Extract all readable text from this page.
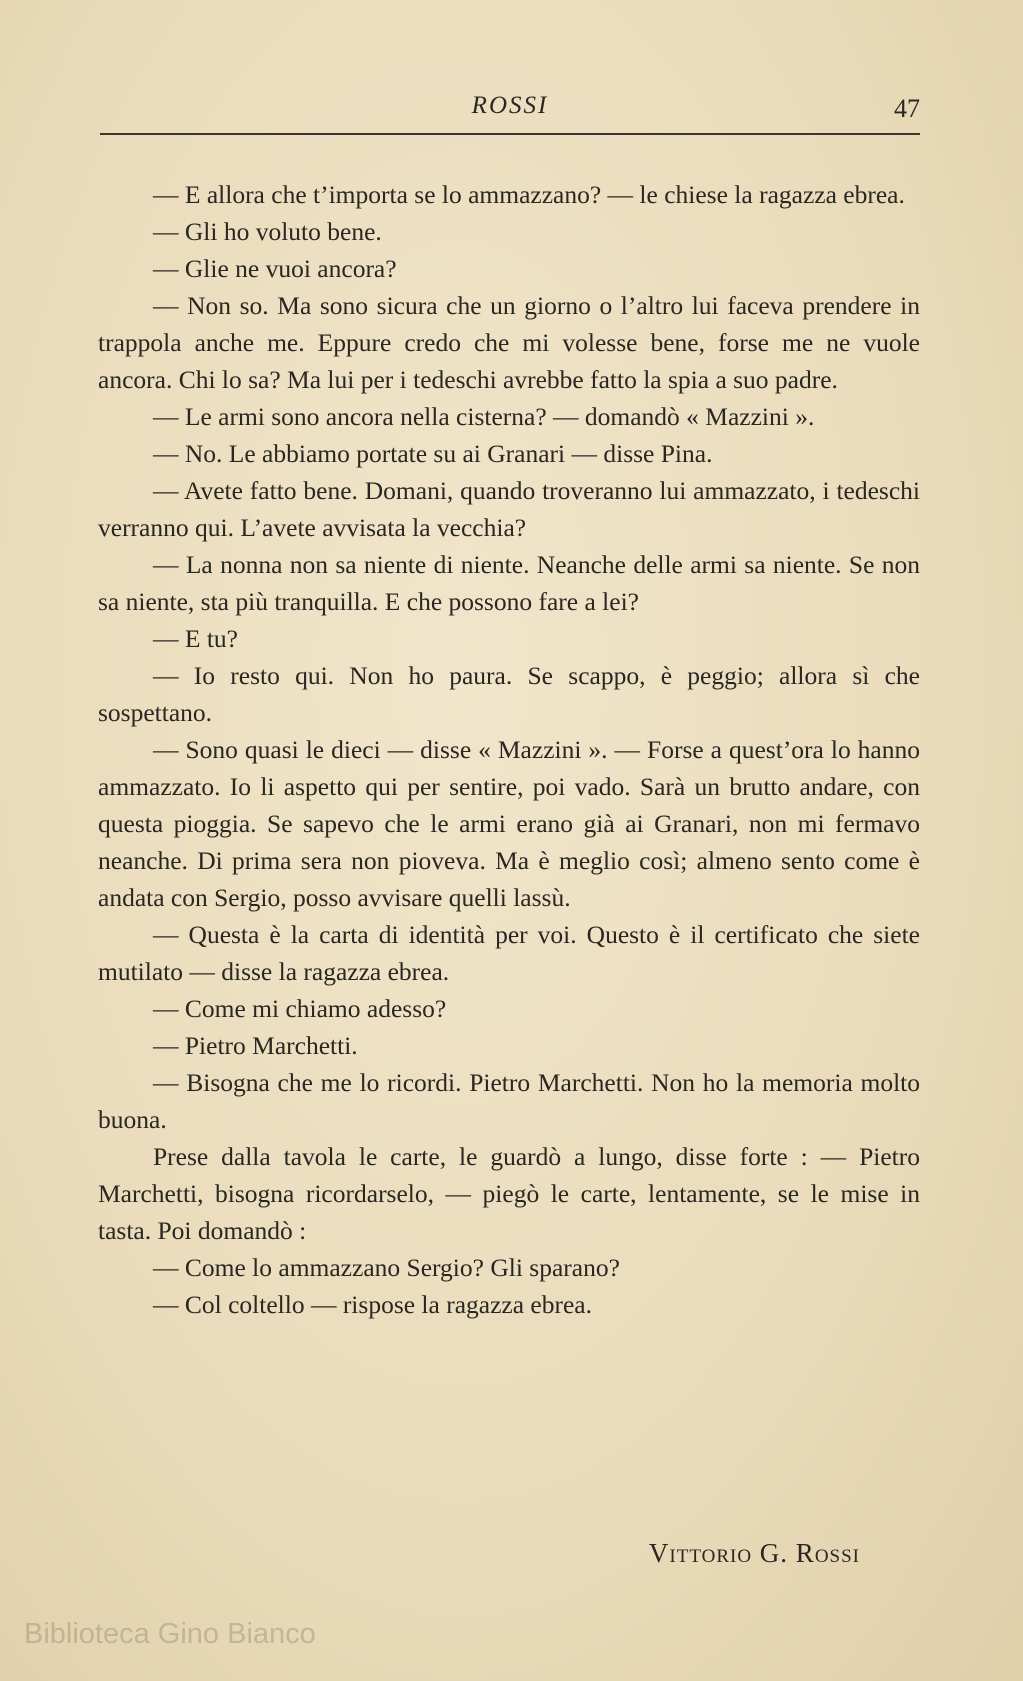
ROSSI	47

— E allora che t’importa se lo ammazzano? — le chiese la ragazza ebrea.

— Gli ho voluto bene.

— Glie ne vuoi ancora?

— Non so. Ma sono sicura che un giorno o l’altro lui faceva prendere in trappola anche me. Eppure credo che mi volesse bene, forse me ne vuole ancora. Chi lo sa? Ma lui per i tedeschi avrebbe fatto la spia a suo padre.

— Le armi sono ancora nella cisterna? — domandò « Mazzini ».

— No. Le abbiamo portate su ai Granari — disse Pina.

— Avete fatto bene. Domani, quando troveranno lui ammazzato, i tedeschi verranno qui. L’avete avvisata la vecchia?

— La nonna non sa niente di niente. Neanche delle armi sa niente. Se non sa niente, sta più tranquilla. E che possono fare a lei?

— E tu?

— Io resto qui. Non ho paura. Se scappo, è peggio; allora sì che sospettano.

— Sono quasi le dieci — disse « Mazzini ». — Forse a quest’ora lo hanno ammazzato. Io li aspetto qui per sentire, poi vado. Sarà un brutto andare, con questa pioggia. Se sapevo che le armi erano già ai Granari, non mi fermavo neanche. Di prima sera non pioveva. Ma è meglio così; almeno sento come è andata con Sergio, posso avvisare quelli lassù.

— Questa è la carta di identità per voi. Questo è il certificato che siete mutilato — disse la ragazza ebrea.

— Come mi chiamo adesso?

— Pietro Marchetti.

— Bisogna che me lo ricordi. Pietro Marchetti. Non ho la memoria molto buona.

Prese dalla tavola le carte, le guardò a lungo, disse forte : — Pietro Marchetti, bisogna ricordarselo, — piegò le carte, lentamente, se le mise in tasta. Poi domandò :

— Come lo ammazzano Sergio? Gli sparano?

— Col coltello — rispose la ragazza ebrea.

Vittorio G. Rossi
Biblioteca Gino Bianco
